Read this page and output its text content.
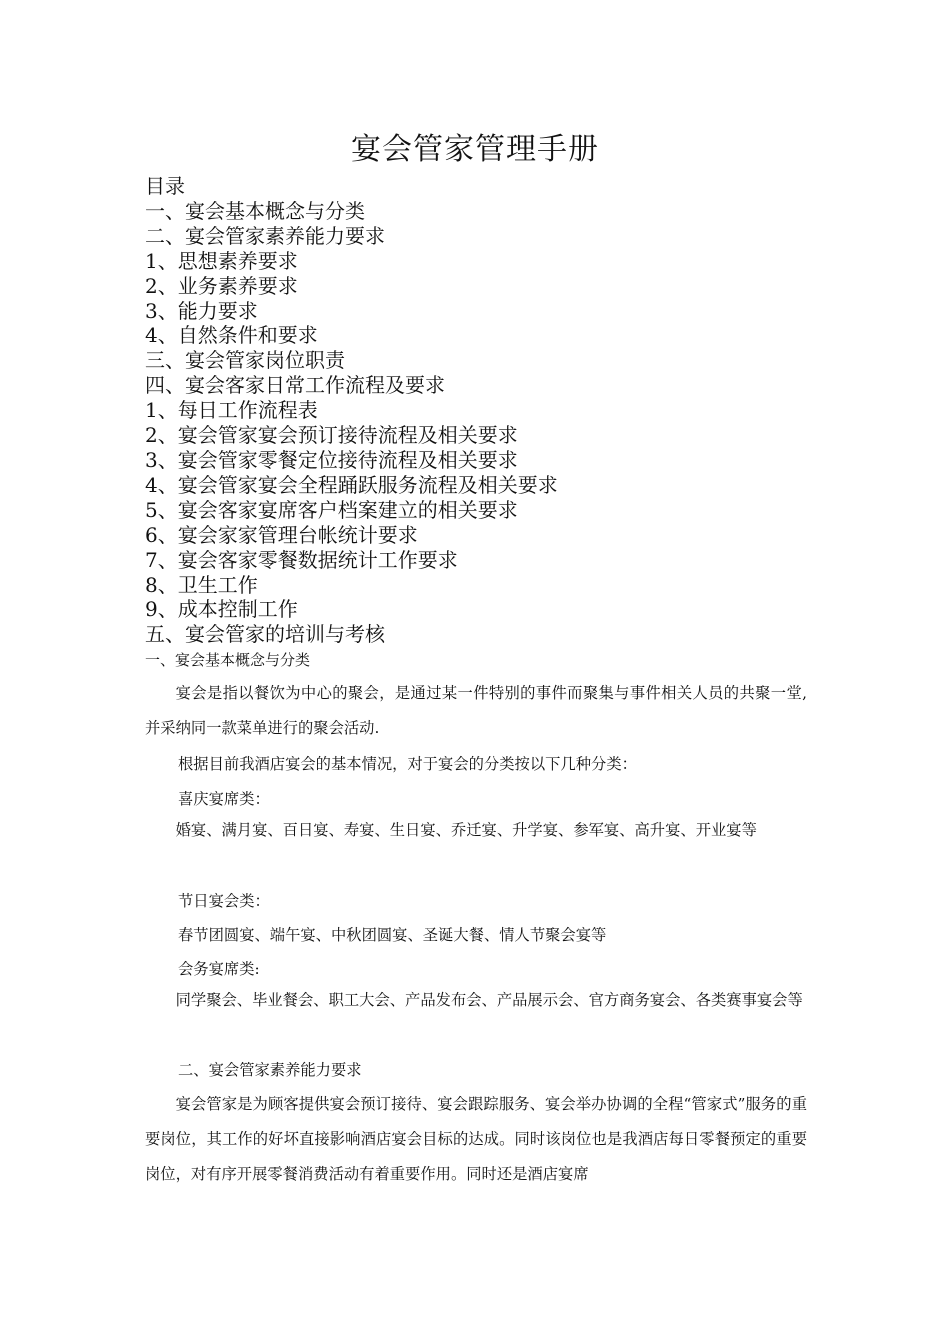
宴会管家管理手册
目录
一、宴会基本概念与分类
二、宴会管家素养能力要求
1、思想素养要求
2、业务素养要求
3、能力要求
4、自然条件和要求
三、宴会管家岗位职责
四、宴会客家日常工作流程及要求
1、每日工作流程表
2、宴会管家宴会预订接待流程及相关要求
3、宴会管家零餐定位接待流程及相关要求
4、宴会管家宴会全程踊跃服务流程及相关要求
5、宴会客家宴席客户档案建立的相关要求
6、宴会家家管理台帐统计要求
7、宴会客家零餐数据统计工作要求
8、卫生工作
9、成本控制工作
五、宴会管家的培训与考核
一、宴会基本概念与分类
宴会是指以餐饮为中心的聚会，是通过某一件特别的事件而聚集与事件相关人员的共聚一堂,并采纳同一款菜单进行的聚会活动.
根据目前我酒店宴会的基本情况，对于宴会的分类按以下几种分类：
喜庆宴席类：
婚宴、满月宴、百日宴、寿宴、生日宴、乔迁宴、升学宴、参军宴、高升宴、开业宴等
节日宴会类：
春节团圆宴、端午宴、中秋团圆宴、圣诞大餐、情人节聚会宴等
会务宴席类:
同学聚会、毕业餐会、职工大会、产品发布会、产品展示会、官方商务宴会、各类赛事宴会等
二、宴会管家素养能力要求
宴会管家是为顾客提供宴会预订接待、宴会跟踪服务、宴会举办协调的全程“管家式”服务的重要岗位，其工作的好坏直接影响酒店宴会目标的达成。同时该岗位也是我酒店每日零餐预定的重要岗位，对有序开展零餐消费活动有着重要作用。同时还是酒店宴席
